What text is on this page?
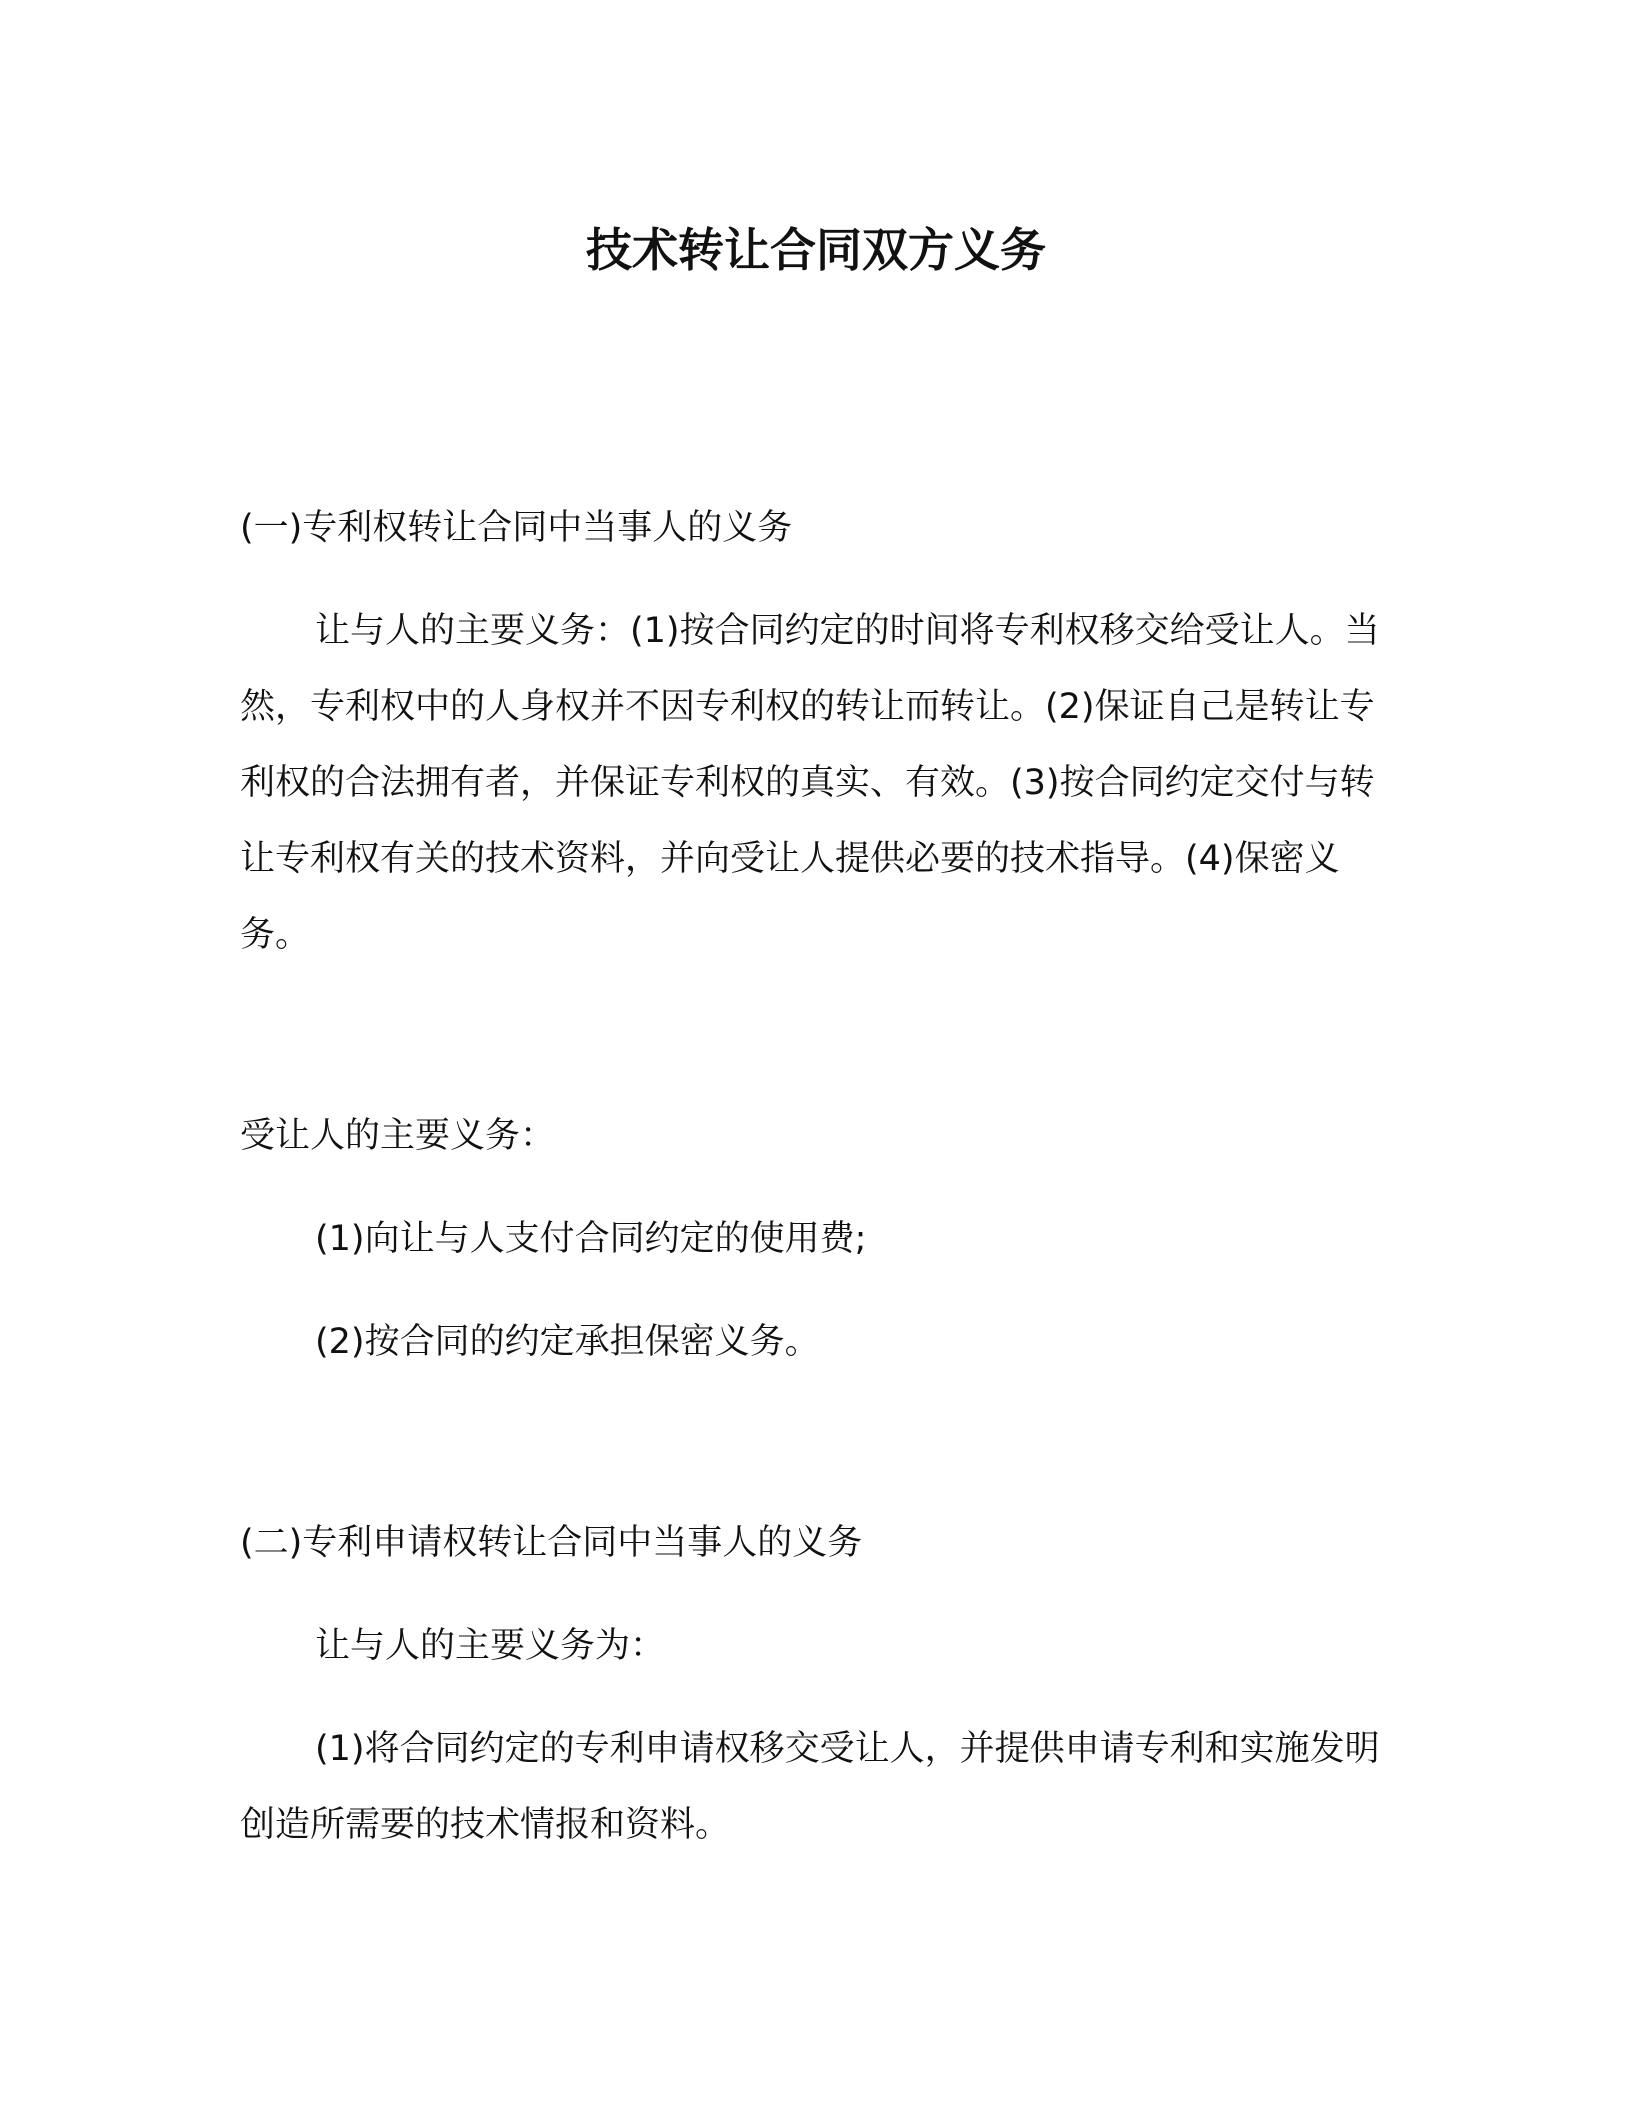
技术转让合同双方义务

(一)专利权转让合同中当事人的义务

让与人的主要义务：(1)按合同约定的时间将专利权移交给受让人。当然，专利权中的人身权并不因专利权的转让而转让。(2)保证自己是转让专利权的合法拥有者，并保证专利权的真实、有效。(3)按合同约定交付与转让专利权有关的技术资料，并向受让人提供必要的技术指导。(4)保密义务。

受让人的主要义务：

(1)向让与人支付合同约定的使用费;

(2)按合同的约定承担保密义务。

(二)专利申请权转让合同中当事人的义务

让与人的主要义务为：

(1)将合同约定的专利申请权移交受让人，并提供申请专利和实施发明创造所需要的技术情报和资料。
